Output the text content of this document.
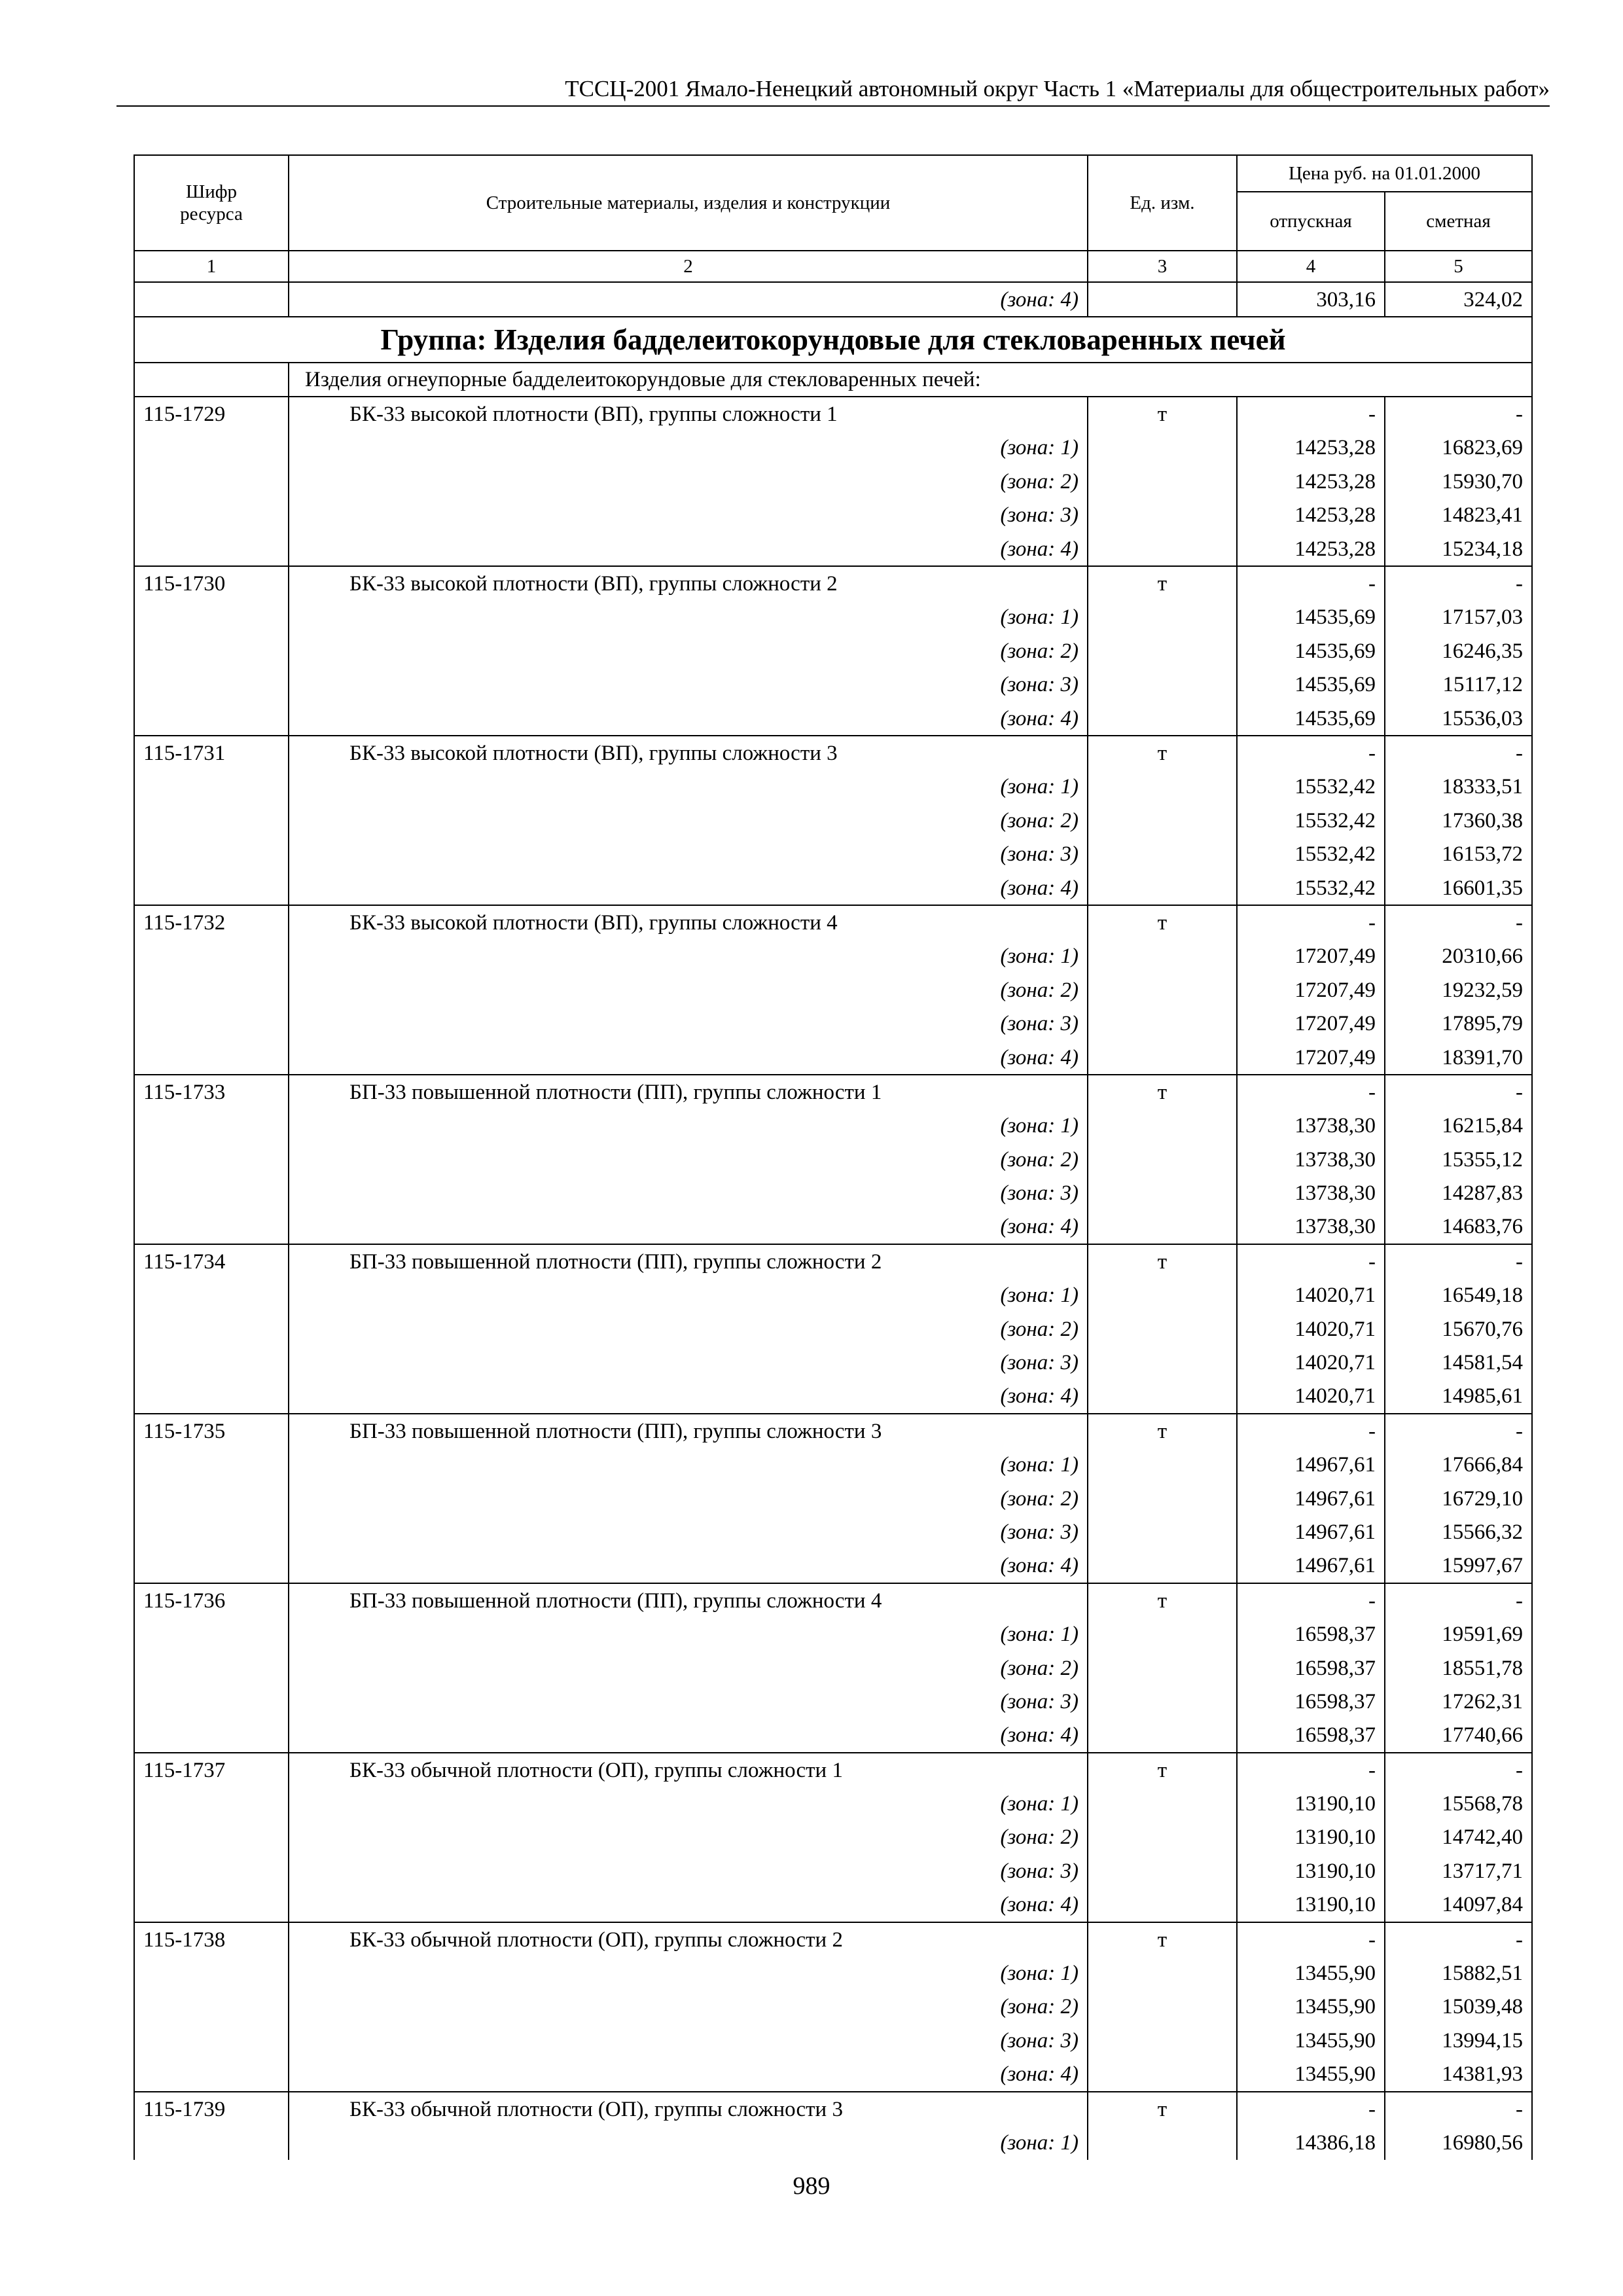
ТССЦ-2001 Ямало-Ненецкий автономный округ Часть 1 «Материалы для общестроительных работ»
Шифр ресурса	Строительные материалы, изделия и конструкции	Ед. изм.	Цена руб. на 01.01.2000	
			отпускная	сметная
1	2	3	4	5
	(зона: 4)		303,16	324,02
Группа: Изделия бадделеитокорундовые для стекловаренных печей				
	Изделия огнеупорные бадделеитокорундовые для стекловаренных печей:			
115-1729	БК-33 высокой плотности (ВП), группы сложности 1	т	-	-
	(зона: 1)		14253,28	16823,69
	(зона: 2)		14253,28	15930,70
	(зона: 3)		14253,28	14823,41
	(зона: 4)		14253,28	15234,18
115-1730	БК-33 высокой плотности (ВП), группы сложности 2	т	-	-
	(зона: 1)		14535,69	17157,03
	(зона: 2)		14535,69	16246,35
	(зона: 3)		14535,69	15117,12
	(зона: 4)		14535,69	15536,03
115-1731	БК-33 высокой плотности (ВП), группы сложности 3	т	-	-
	(зона: 1)		15532,42	18333,51
	(зона: 2)		15532,42	17360,38
	(зона: 3)		15532,42	16153,72
	(зона: 4)		15532,42	16601,35
115-1732	БК-33 высокой плотности (ВП), группы сложности 4	т	-	-
	(зона: 1)		17207,49	20310,66
	(зона: 2)		17207,49	19232,59
	(зона: 3)		17207,49	17895,79
	(зона: 4)		17207,49	18391,70
115-1733	БП-33 повышенной плотности (ПП), группы сложности 1	т	-	-
	(зона: 1)		13738,30	16215,84
	(зона: 2)		13738,30	15355,12
	(зона: 3)		13738,30	14287,83
	(зона: 4)		13738,30	14683,76
115-1734	БП-33 повышенной плотности (ПП), группы сложности 2	т	-	-
	(зона: 1)		14020,71	16549,18
	(зона: 2)		14020,71	15670,76
	(зона: 3)		14020,71	14581,54
	(зона: 4)		14020,71	14985,61
115-1735	БП-33 повышенной плотности (ПП), группы сложности 3	т	-	-
	(зона: 1)		14967,61	17666,84
	(зона: 2)		14967,61	16729,10
	(зона: 3)		14967,61	15566,32
	(зона: 4)		14967,61	15997,67
115-1736	БП-33 повышенной плотности (ПП), группы сложности 4	т	-	-
	(зона: 1)		16598,37	19591,69
	(зона: 2)		16598,37	18551,78
	(зона: 3)		16598,37	17262,31
	(зона: 4)		16598,37	17740,66
115-1737	БК-33 обычной плотности (ОП), группы сложности 1	т	-	-
	(зона: 1)		13190,10	15568,78
	(зона: 2)		13190,10	14742,40
	(зона: 3)		13190,10	13717,71
	(зона: 4)		13190,10	14097,84
115-1738	БК-33 обычной плотности (ОП), группы сложности 2	т	-	-
	(зона: 1)		13455,90	15882,51
	(зона: 2)		13455,90	15039,48
	(зона: 3)		13455,90	13994,15
	(зона: 4)		13455,90	14381,93
115-1739	БК-33 обычной плотности (ОП), группы сложности 3	т	-	-
	(зона: 1)		14386,18	16980,56
989
